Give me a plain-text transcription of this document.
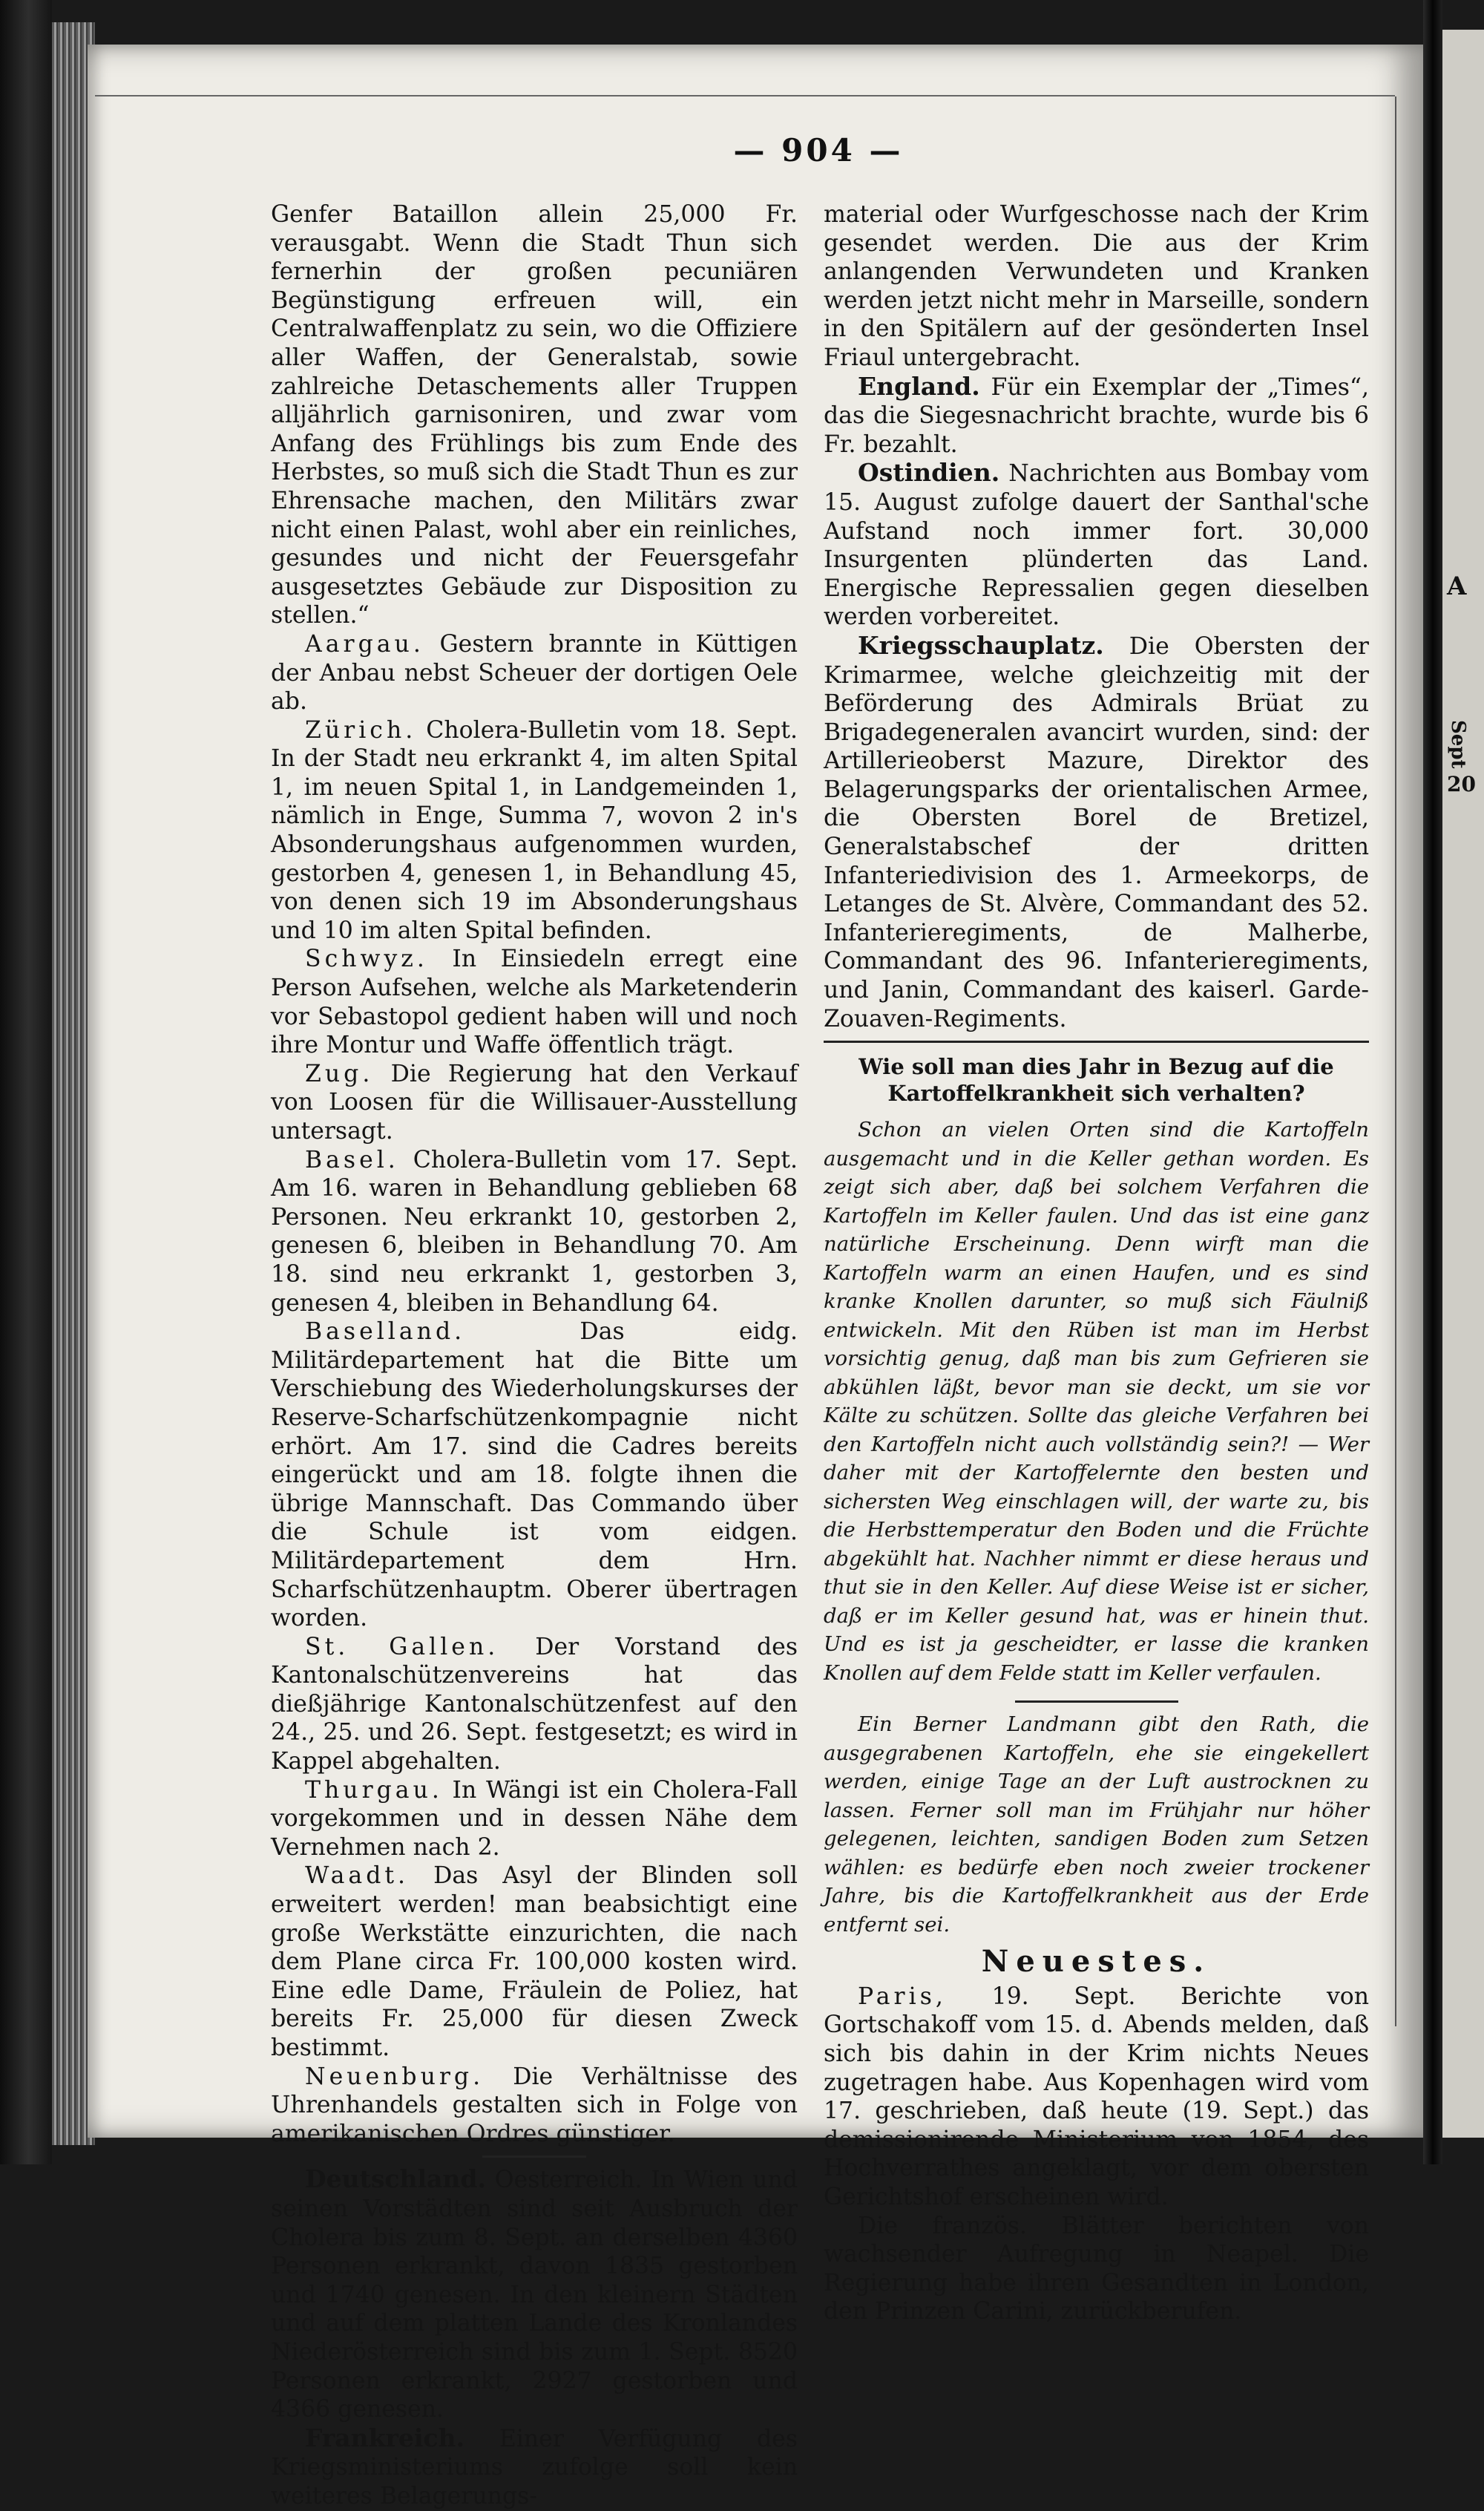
A
Sept
20
— 904 —

Genfer Bataillon allein 25,000 Fr. verausgabt. Wenn die Stadt Thun sich fernerhin der großen pecuniären Begünstigung erfreuen will, ein Centralwaffenplatz zu sein, wo die Offiziere aller Waffen, der Generalstab, sowie zahlreiche Detaschements aller Truppen alljährlich garnisoniren, und zwar vom Anfang des Frühlings bis zum Ende des Herbstes, so muß sich die Stadt Thun es zur Ehrensache machen, den Militärs zwar nicht einen Palast, wohl aber ein reinliches, gesundes und nicht der Feuersgefahr ausgesetztes Gebäude zur Disposition zu stellen.“

Aargau. Gestern brannte in Küttigen der Anbau nebst Scheuer der dortigen Oele ab.

Zürich. Cholera-Bulletin vom 18. Sept. In der Stadt neu erkrankt 4, im alten Spital 1, im neuen Spital 1, in Landgemeinden 1, nämlich in Enge, Summa 7, wovon 2 in's Absonderungshaus aufgenommen wurden, gestorben 4, genesen 1, in Behandlung 45, von denen sich 19 im Absonderungshaus und 10 im alten Spital befinden.

Schwyz. In Einsiedeln erregt eine Person Aufsehen, welche als Marketenderin vor Sebastopol gedient haben will und noch ihre Montur und Waffe öffentlich trägt.

Zug. Die Regierung hat den Verkauf von Loosen für die Willisauer-Ausstellung untersagt.

Basel. Cholera-Bulletin vom 17. Sept. Am 16. waren in Behandlung geblieben 68 Personen. Neu erkrankt 10, gestorben 2, genesen 6, bleiben in Behandlung 70. Am 18. sind neu erkrankt 1, gestorben 3, genesen 4, bleiben in Behandlung 64.

Baselland. Das eidg. Militärdepartement hat die Bitte um Verschiebung des Wiederholungskurses der Reserve-Scharfschützenkompagnie nicht erhört. Am 17. sind die Cadres bereits eingerückt und am 18. folgte ihnen die übrige Mannschaft. Das Commando über die Schule ist vom eidgen. Militärdepartement dem Hrn. Scharfschützenhauptm. Oberer übertragen worden.

St. Gallen. Der Vorstand des Kantonalschützenvereins hat das dießjährige Kantonalschützenfest auf den 24., 25. und 26. Sept. festgesetzt; es wird in Kappel abgehalten.

Thurgau. In Wängi ist ein Cholera-Fall vorgekommen und in dessen Nähe dem Vernehmen nach 2.

Waadt. Das Asyl der Blinden soll erweitert werden! man beabsichtigt eine große Werkstätte einzurichten, die nach dem Plane circa Fr. 100,000 kosten wird. Eine edle Dame, Fräulein de Poliez, hat bereits Fr. 25,000 für diesen Zweck bestimmt.

Neuenburg. Die Verhältnisse des Uhrenhandels gestalten sich in Folge von amerikanischen Ordres günstiger.

Deutschland. Oesterreich. In Wien und seinen Vorstädten sind seit Ausbruch der Cholera bis zum 8. Sept. an derselben 4360 Personen erkrankt, davon 1835 gestorben und 1740 genesen. In den kleinern Städten und auf dem platten Lande des Kronlandes Niederösterreich sind bis zum 1. Sept. 8520 Personen erkrankt, 2927 gestorben und 4366 genesen.

Frankreich. Einer Verfügung des Kriegsministeriums zufolge soll kein weiteres Belagerungs-

material oder Wurfgeschosse nach der Krim gesendet werden. Die aus der Krim anlangenden Verwundeten und Kranken werden jetzt nicht mehr in Marseille, sondern in den Spitälern auf der gesönderten Insel Friaul untergebracht.

England. Für ein Exemplar der „Times“, das die Siegesnachricht brachte, wurde bis 6 Fr. bezahlt.

Ostindien. Nachrichten aus Bombay vom 15. August zufolge dauert der Santhal'sche Aufstand noch immer fort. 30,000 Insurgenten plünderten das Land. Energische Repressalien gegen dieselben werden vorbereitet.

Kriegsschauplatz. Die Obersten der Krimarmee, welche gleichzeitig mit der Beförderung des Admirals Brüat zu Brigadegeneralen avancirt wurden, sind: der Artillerieoberst Mazure, Direktor des Belagerungsparks der orientalischen Armee, die Obersten Borel de Bretizel, Generalstabschef der dritten Infanteriedivision des 1. Armeekorps, de Letanges de St. Alvère, Commandant des 52. Infanterieregiments, de Malherbe, Commandant des 96. Infanterieregiments, und Janin, Commandant des kaiserl. Garde-Zouaven-Regiments.

Wie soll man dies Jahr in Bezug auf die Kartoffelkrankheit sich verhalten?

Schon an vielen Orten sind die Kartoffeln ausgemacht und in die Keller gethan worden. Es zeigt sich aber, daß bei solchem Verfahren die Kartoffeln im Keller faulen. Und das ist eine ganz natürliche Erscheinung. Denn wirft man die Kartoffeln warm an einen Haufen, und es sind kranke Knollen darunter, so muß sich Fäulniß entwickeln. Mit den Rüben ist man im Herbst vorsichtig genug, daß man bis zum Gefrieren sie abkühlen läßt, bevor man sie deckt, um sie vor Kälte zu schützen. Sollte das gleiche Verfahren bei den Kartoffeln nicht auch vollständig sein?! — Wer daher mit der Kartoffelernte den besten und sichersten Weg einschlagen will, der warte zu, bis die Herbsttemperatur den Boden und die Früchte abgekühlt hat. Nachher nimmt er diese heraus und thut sie in den Keller. Auf diese Weise ist er sicher, daß er im Keller gesund hat, was er hinein thut. Und es ist ja gescheidter, er lasse die kranken Knollen auf dem Felde statt im Keller verfaulen.

Ein Berner Landmann gibt den Rath, die ausgegrabenen Kartoffeln, ehe sie eingekellert werden, einige Tage an der Luft austrocknen zu lassen. Ferner soll man im Frühjahr nur höher gelegenen, leichten, sandigen Boden zum Setzen wählen: es bedürfe eben noch zweier trockener Jahre, bis die Kartoffelkrankheit aus der Erde entfernt sei.

Neuestes.

Paris, 19. Sept. Berichte von Gortschakoff vom 15. d. Abends melden, daß sich bis dahin in der Krim nichts Neues zugetragen habe. Aus Kopenhagen wird vom 17. geschrieben, daß heute (19. Sept.) das demissionirende Ministerium von 1854, des Hochverrathes angeklagt, vor dem obersten Gerichtshof erscheinen wird.

Die französ. Blätter berichten von wachsender Aufregung in Neapel. Die Regierung habe ihren Gesandten in London, den Prinzen Carini, zurückberufen.
